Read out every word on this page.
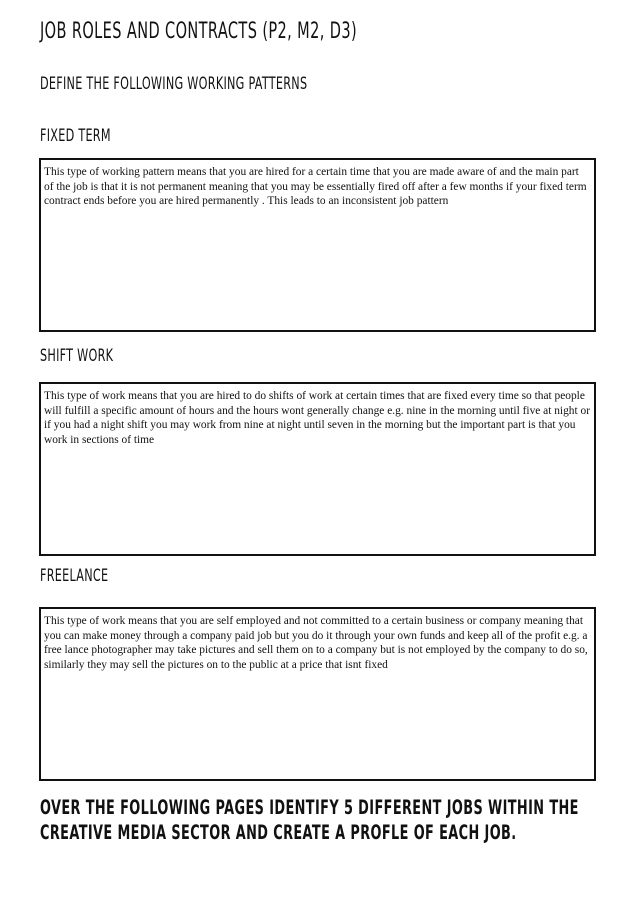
JOB ROLES AND CONTRACTS (P2, M2, D3)
DEFINE THE FOLLOWING WORKING PATTERNS
FIXED TERM
This type of working pattern means that you are hired for a certain time that you are made aware of and the main part of the job is that it is not permanent meaning that you may be essentially fired off after a few months if your fixed term contract ends before you are hired permanently . This leads to an inconsistent job pattern
SHIFT WORK
This type of work means that you are hired to do shifts of work at certain times that are fixed every time so that people will fulfill a specific amount of hours and the hours wont generally change e.g. nine in the morning until five at night or if you had a night shift you may work from nine at night until seven in the morning but the important part is that you work in sections of time
FREELANCE
This type of work means that you are self employed and not committed to a certain business or company meaning that you can make money through a company paid job but you do it through your own funds and keep all of the profit e.g. a free lance photographer may take pictures and sell them on to a company but is not employed by the company to do so, similarly they may sell the pictures on to the public at a price that isnt fixed
OVER THE FOLLOWING PAGES IDENTIFY 5 DIFFERENT JOBS WITHIN THE
CREATIVE MEDIA SECTOR AND CREATE A PROFLE OF EACH JOB.
